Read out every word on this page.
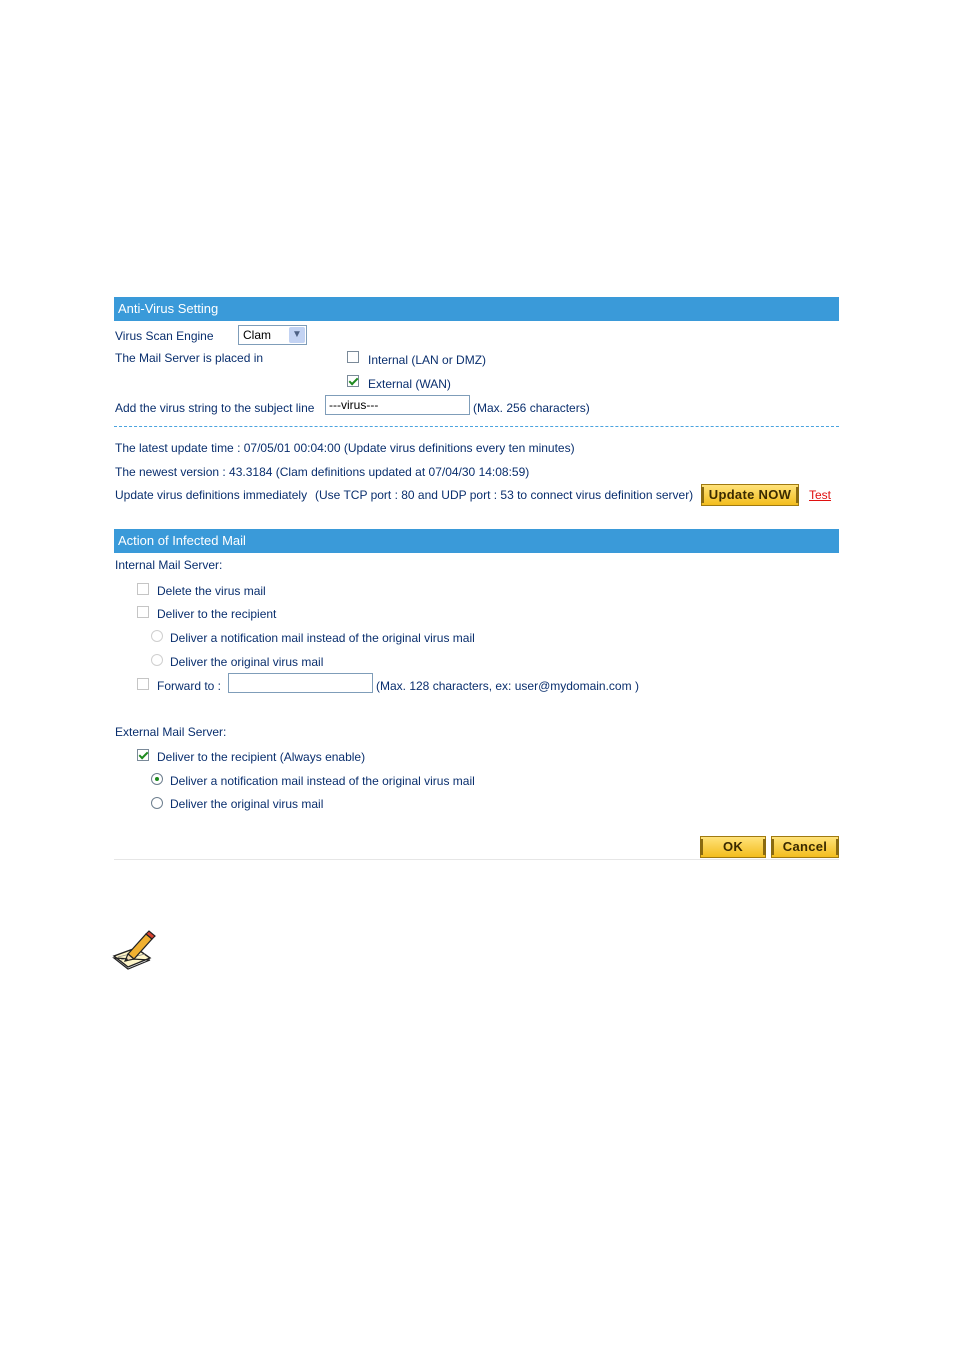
Anti-Virus Setting
Virus Scan Engine Clam	▼
The Mail Server is placed in	Internal (LAN or DMZ)
External (WAN)
Add the virus string to the subject line
---virus---	(Max. 256 characters)
The latest update time : 07/05/01 00:04:00 (Update virus definitions every ten minutes)
The newest version : 43.3184 (Clam definitions updated at 07/04/30 14:08:59)
Update virus definitions immediately (Use TCP port : 80 and UDP port : 53 to connect virus definition server)	Update NOW	Test
Action of Infected Mail
Internal Mail Server:
Delete the virus mail
Deliver to the recipient
Deliver a notification mail instead of the original virus mail
Deliver the original virus mail
Forward to :	(Max. 128 characters, ex: user@mydomain.com )
External Mail Server:
Deliver to the recipient (Always enable)
Deliver a notification mail instead of the original virus mail
Deliver the original virus mail
OK	Cancel
